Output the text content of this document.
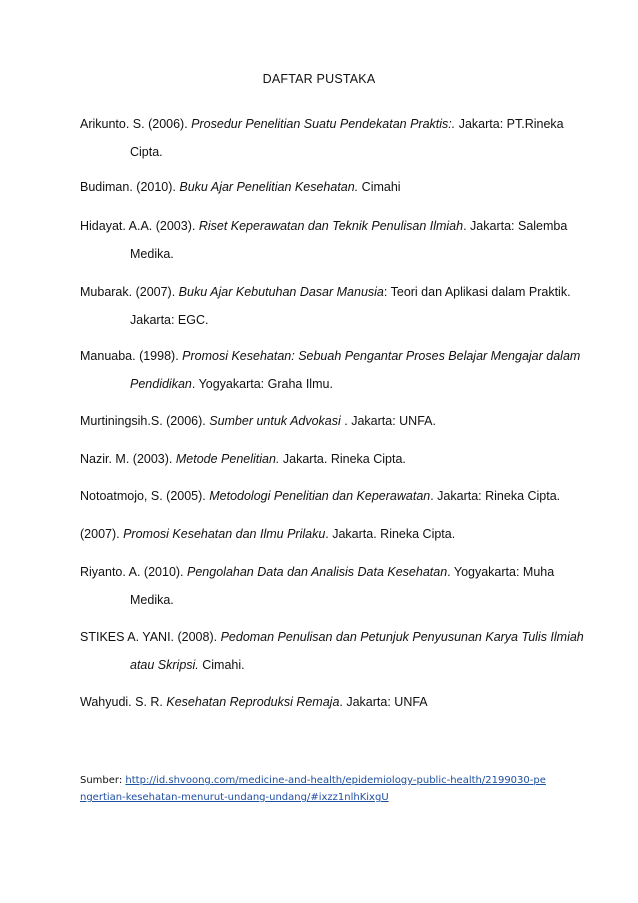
DAFTAR PUSTAKA
Arikunto. S. (2006). Prosedur Penelitian Suatu Pendekatan Praktis:. Jakarta: PT.Rineka
Cipta.
Budiman. (2010). Buku Ajar Penelitian Kesehatan. Cimahi
Hidayat. A.A. (2003). Riset Keperawatan dan Teknik Penulisan Ilmiah. Jakarta: Salemba
Medika.
Mubarak. (2007). Buku Ajar Kebutuhan Dasar Manusia: Teori dan Aplikasi dalam Praktik.
Jakarta: EGC.
Manuaba. (1998). Promosi Kesehatan: Sebuah Pengantar Proses Belajar Mengajar dalam
Pendidikan. Yogyakarta: Graha Ilmu.
Murtiningsih.S. (2006). Sumber untuk Advokasi . Jakarta: UNFA.
Nazir. M. (2003). Metode Penelitian. Jakarta. Rineka Cipta.
Notoatmojo, S. (2005). Metodologi Penelitian dan Keperawatan. Jakarta: Rineka Cipta.
(2007). Promosi Kesehatan dan Ilmu Prilaku. Jakarta. Rineka Cipta.
Riyanto. A. (2010). Pengolahan Data dan Analisis Data Kesehatan. Yogyakarta: Muha
Medika.
STIKES A. YANI. (2008). Pedoman Penulisan dan Petunjuk Penyusunan Karya Tulis Ilmiah
atau Skripsi. Cimahi.
Wahyudi. S. R. Kesehatan Reproduksi Remaja. Jakarta: UNFA
Sumber: http://id.shvoong.com/medicine-and-health/epidemiology-public-health/2199030-pengertian-kesehatan-menurut-undang-undang/#ixzz1nlhKixgU
